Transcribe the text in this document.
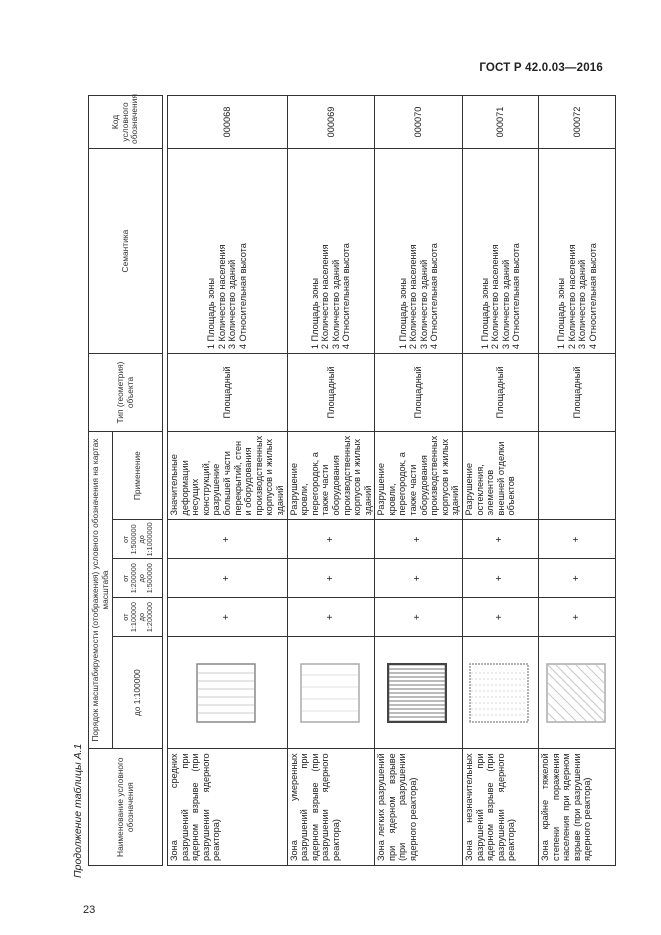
ГОСТ Р 42.0.03—2016
Продолжение таблицы А.1	Наименование условного обозначения	Порядок масштабируемости (отображения) условного обозначения на картах масштаба					Тип (геометрия) объекта	Семантика	Код условного обозначения
	до 1:100000	от 1:100000 до 1:200000	от 1:200000 до 1:500000	от 1:500000 до 1:1000000	Применение			

Зона средних разрушений при ядерном взрыве (при разрушении ядерного реактора)		+	+	+	Значительные деформации несущих конструкций, разрушение большей части перекрытий, стен и оборудования производственных корпусов и жилых зданий	Площадный	1 Площадь зоны 2 Количество населения 3 Количество зданий 4 Относительная высота	000068
Зона умеренных разрушений при ядерном взрыве (при разрушении ядерного реактора)		+	+	+	Разрушение кровли, перегородок, а также части оборудования производственных корпусов и жилых зданий	Площадный	1 Площадь зоны 2 Количество населения 3 Количество зданий 4 Относительная высота	000069
Зона легких разрушений при ядерном взрыве (при разрушении ядерного реактора)		+	+	+	Разрушение кровли, перегородок, а также части оборудования производственных корпусов и жилых зданий	Площадный	1 Площадь зоны 2 Количество населения 3 Количество зданий 4 Относительная высота	000070
Зона незначительных разрушений при ядерном взрыве (при разрушении ядерного реактора)		+	+	+	Разрушение остекления, элементов внешней отделки объектов	Площадный	1 Площадь зоны 2 Количество населения 3 Количество зданий 4 Относительная высота	000071
Зона крайне тяжелой степени поражения населения при ядерном взрыве (при разрушении ядерного реактора)		+	+	+		Площадный	1 Площадь зоны 2 Количество населения 3 Количество зданий 4 Относительная высота	000072
23
